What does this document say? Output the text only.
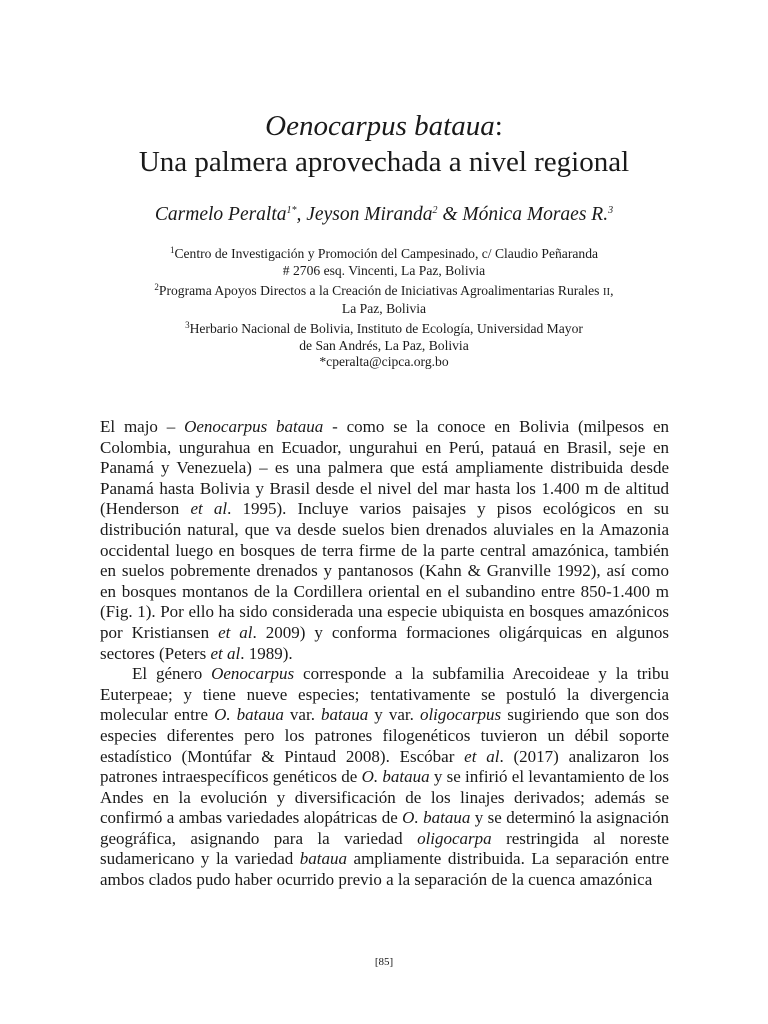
Oenocarpus bataua:
Una palmera aprovechada a nivel regional
Carmelo Peralta$^{1*}$, Jeyson Miranda$^2$ & Mónica Moraes R.$^3$
$^1$Centro de Investigación y Promoción del Campesinado, c/ Claudio Peñaranda
# 2706 esq. Vincenti, La Paz, Bolivia
$^2$Programa Apoyos Directos a la Creación de Iniciativas Agroalimentarias Rurales II,
La Paz, Bolivia
$^3$Herbario Nacional de Bolivia, Instituto de Ecología, Universidad Mayor
de San Andrés, La Paz, Bolivia
*cperalta@cipca.org.bo

El majo – Oenocarpus bataua - como se la conoce en Bolivia (milpesos en Colombia, ungurahua en Ecuador, ungurahui en Perú, patauá en Brasil, seje en Panamá y Venezuela) – es una palmera que está ampliamente distribuida desde Panamá hasta Bolivia y Brasil desde el nivel del mar hasta los 1.400 m de altitud (Henderson et al. 1995). Incluye varios paisajes y pisos ecológicos en su distribución natural, que va desde suelos bien drenados aluviales en la Amazonia occidental luego en bosques de terra firme de la parte central amazónica, también en suelos pobremente drenados y pantanosos (Kahn & Granville 1992), así como en bosques montanos de la Cordillera oriental en el subandino entre 850-1.400 m (Fig. 1). Por ello ha sido considerada una especie ubiquista en bosques amazónicos por Kristiansen et al. 2009) y conforma formaciones oligárquicas en algunos sectores (Peters et al. 1989).

El género Oenocarpus corresponde a la subfamilia Arecoideae y la tribu Euterpeae; y tiene nueve especies; tentativamente se postuló la divergencia molecular entre O. bataua var. bataua y var. oligocarpus sugiriendo que son dos especies diferentes pero los patrones filogenéticos tuvieron un débil soporte estadístico (Montúfar & Pintaud 2008). Escóbar et al. (2017) analizaron los patrones intraespecíficos genéticos de O. bataua y se infirió el levantamiento de los Andes en la evolución y diversificación de los linajes derivados; además se confirmó a ambas variedades alopátricas de O. bataua y se determinó la asignación geográfica, asignando para la variedad oligocarpa restringida al noreste sudamericano y la variedad bataua ampliamente distribuida. La separación entre ambos clados pudo haber ocurrido previo a la separación de la cuenca amazónica

[85]
